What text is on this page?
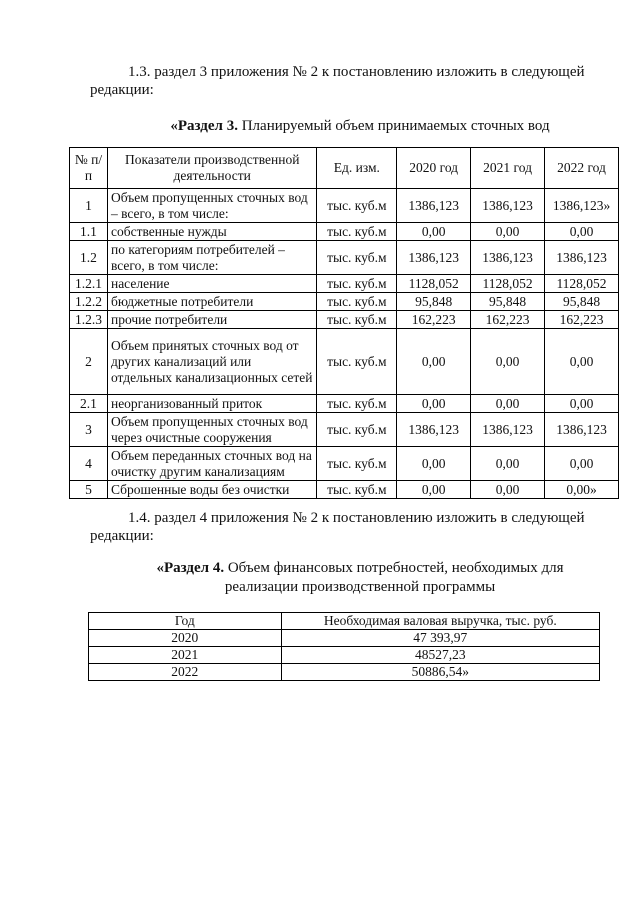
1.3. раздел 3 приложения № 2 к постановлению изложить в следующей редакции:
«Раздел 3. Планируемый объем принимаемых сточных вод
№ п/п	Показатели производственной деятельности	Ед. изм.	2020 год	2021 год	2022 год
1	Объем пропущенных сточных вод – всего, в том числе:	тыс. куб.м	1386,123	1386,123	1386,123»
1.1	собственные нужды	тыс. куб.м	0,00	0,00	0,00
1.2	по категориям потребителей – всего, в том числе:	тыс. куб.м	1386,123	1386,123	1386,123
1.2.1	население	тыс. куб.м	1128,052	1128,052	1128,052
1.2.2	бюджетные потребители	тыс. куб.м	95,848	95,848	95,848
1.2.3	прочие потребители	тыс. куб.м	162,223	162,223	162,223
2	Объем принятых сточных вод от других канализаций или отдельных канализационных сетей	тыс. куб.м	0,00	0,00	0,00
2.1	неорганизованный приток	тыс. куб.м	0,00	0,00	0,00
3	Объем пропущенных сточных вод через очистные сооружения	тыс. куб.м	1386,123	1386,123	1386,123
4	Объем переданных сточных вод на очистку другим канализациям	тыс. куб.м	0,00	0,00	0,00
5	Сброшенные воды без очистки	тыс. куб.м	0,00	0,00	0,00»
1.4. раздел 4 приложения № 2 к постановлению изложить в следующей редакции:
«Раздел 4. Объем финансовых потребностей, необходимых для реализации производственной программы
Год	Необходимая валовая выручка, тыс. руб.
2020	47 393,97
2021	48527,23
2022	50886,54»
